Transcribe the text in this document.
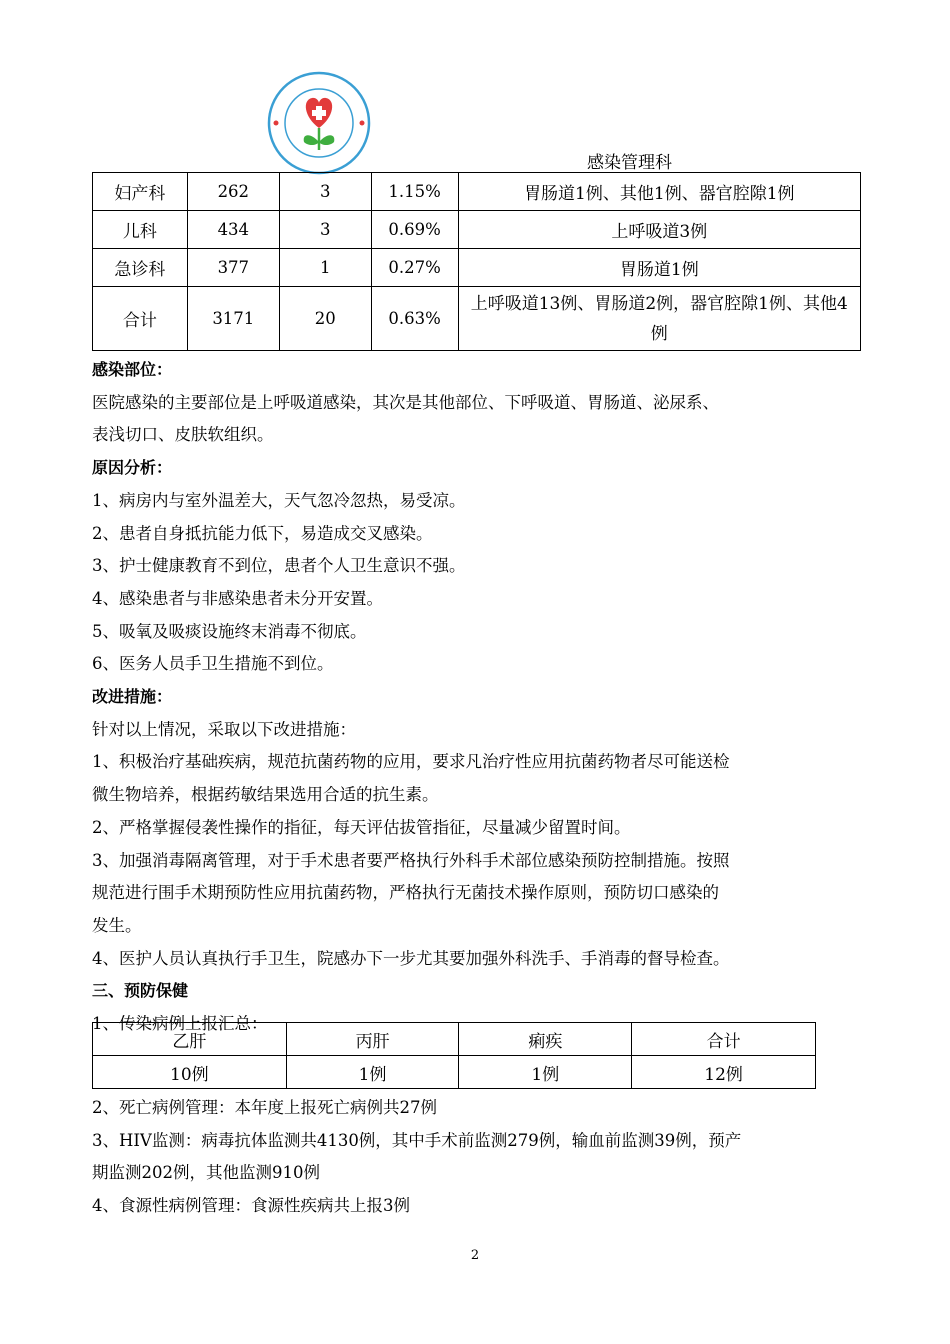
感染管理科
妇产科	262	3	1.15%	胃肠道1例、其他1例、器官腔隙1例
儿科	434	3	0.69%	上呼吸道3例
急诊科	377	1	0.27%	胃肠道1例
合计	3171	20	0.63%	上呼吸道13例、胃肠道2例，器官腔隙1例、其他4例

感染部位：

医院感染的主要部位是上呼吸道感染，其次是其他部位、下呼吸道、胃肠道、泌尿系、

表浅切口、皮肤软组织。

原因分析：

1、病房内与室外温差大，天气忽冷忽热，易受凉。

2、患者自身抵抗能力低下，易造成交叉感染。

3、护士健康教育不到位，患者个人卫生意识不强。

4、感染患者与非感染患者未分开安置。

5、吸氧及吸痰设施终末消毒不彻底。

6、医务人员手卫生措施不到位。

改进措施：

针对以上情况，采取以下改进措施：

1、积极治疗基础疾病，规范抗菌药物的应用，要求凡治疗性应用抗菌药物者尽可能送检

微生物培养，根据药敏结果选用合适的抗生素。

2、严格掌握侵袭性操作的指征，每天评估拔管指征，尽量减少留置时间。

3、加强消毒隔离管理，对于手术患者要严格执行外科手术部位感染预防控制措施。按照

规范进行围手术期预防性应用抗菌药物，严格执行无菌技术操作原则，预防切口感染的

发生。

4、医护人员认真执行手卫生，院感办下一步尤其要加强外科洗手、手消毒的督导检查。

三、预防保健

1、传染病例上报汇总：

乙肝	丙肝	痢疾	合计
10例	1例	1例	12例

2、死亡病例管理：本年度上报死亡病例共27例

3、HIV监测：病毒抗体监测共4130例，其中手术前监测279例，输血前监测39例，预产

期监测202例，其他监测910例

4、食源性病例管理：食源性疾病共上报3例

2
